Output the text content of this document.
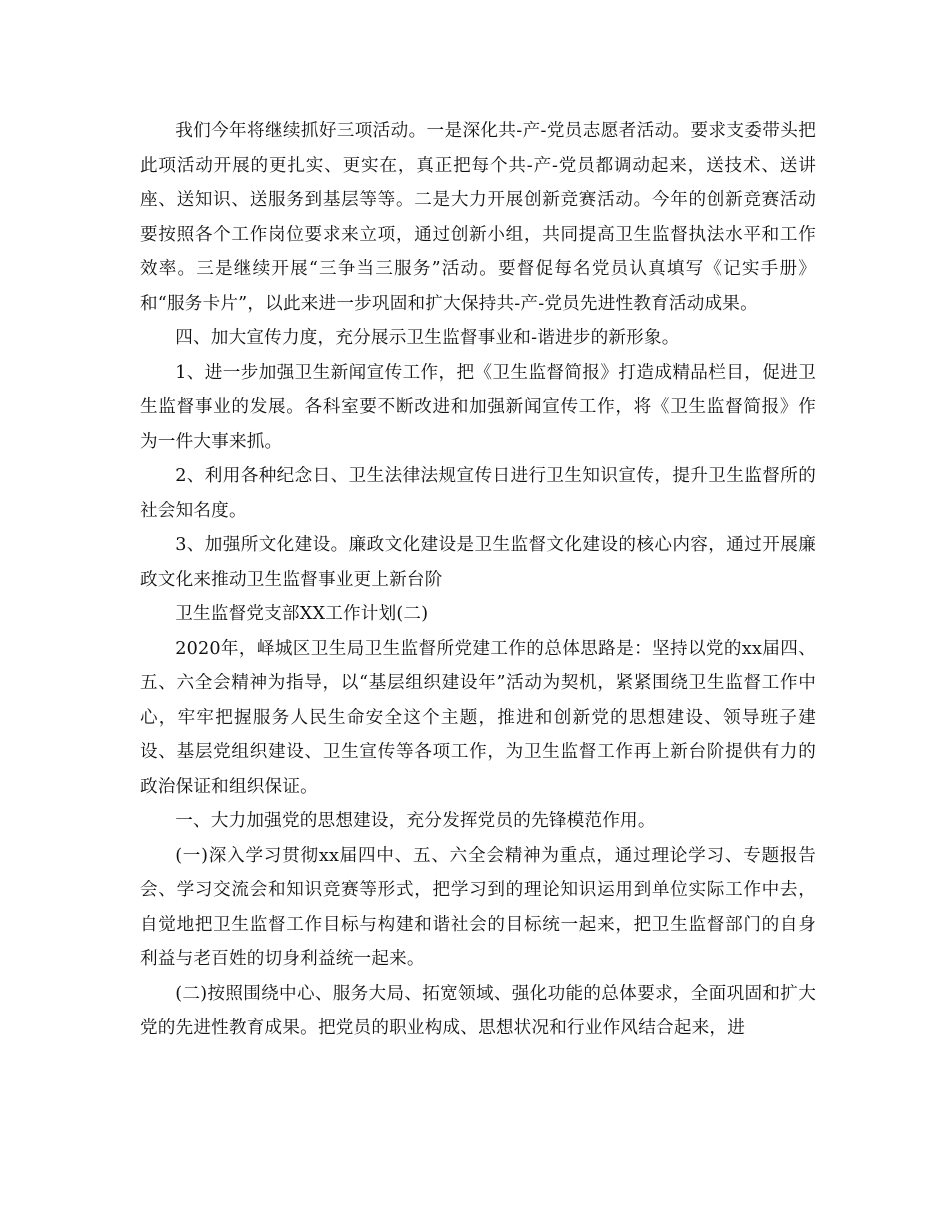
我们今年将继续抓好三项活动。一是深化共-产-党员志愿者活动。要求支委带头把此项活动开展的更扎实、更实在，真正把每个共-产-党员都调动起来，送技术、送讲座、送知识、送服务到基层等等。二是大力开展创新竞赛活动。今年的创新竞赛活动要按照各个工作岗位要求来立项，通过创新小组，共同提高卫生监督执法水平和工作效率。三是继续开展“三争当三服务”活动。要督促每名党员认真填写《记实手册》和“服务卡片”，以此来进一步巩固和扩大保持共-产-党员先进性教育活动成果。

四、加大宣传力度，充分展示卫生监督事业和-谐进步的新形象。

1、进一步加强卫生新闻宣传工作，把《卫生监督简报》打造成精品栏目，促进卫生监督事业的发展。各科室要不断改进和加强新闻宣传工作，将《卫生监督简报》作为一件大事来抓。

2、利用各种纪念日、卫生法律法规宣传日进行卫生知识宣传，提升卫生监督所的社会知名度。

3、加强所文化建设。廉政文化建设是卫生监督文化建设的核心内容，通过开展廉政文化来推动卫生监督事业更上新台阶

卫生监督党支部XX工作计划(二)

2020年，峄城区卫生局卫生监督所党建工作的总体思路是：坚持以党的xx届四、五、六全会精神为指导，以“基层组织建设年”活动为契机，紧紧围绕卫生监督工作中心，牢牢把握服务人民生命安全这个主题，推进和创新党的思想建设、领导班子建设、基层党组织建设、卫生宣传等各项工作，为卫生监督工作再上新台阶提供有力的政治保证和组织保证。

一、大力加强党的思想建设，充分发挥党员的先锋模范作用。

(一)深入学习贯彻xx届四中、五、六全会精神为重点，通过理论学习、专题报告会、学习交流会和知识竞赛等形式，把学习到的理论知识运用到单位实际工作中去，自觉地把卫生监督工作目标与构建和谐社会的目标统一起来，把卫生监督部门的自身利益与老百姓的切身利益统一起来。

(二)按照围绕中心、服务大局、拓宽领域、强化功能的总体要求，全面巩固和扩大党的先进性教育成果。把党员的职业构成、思想状况和行业作风结合起来，进
